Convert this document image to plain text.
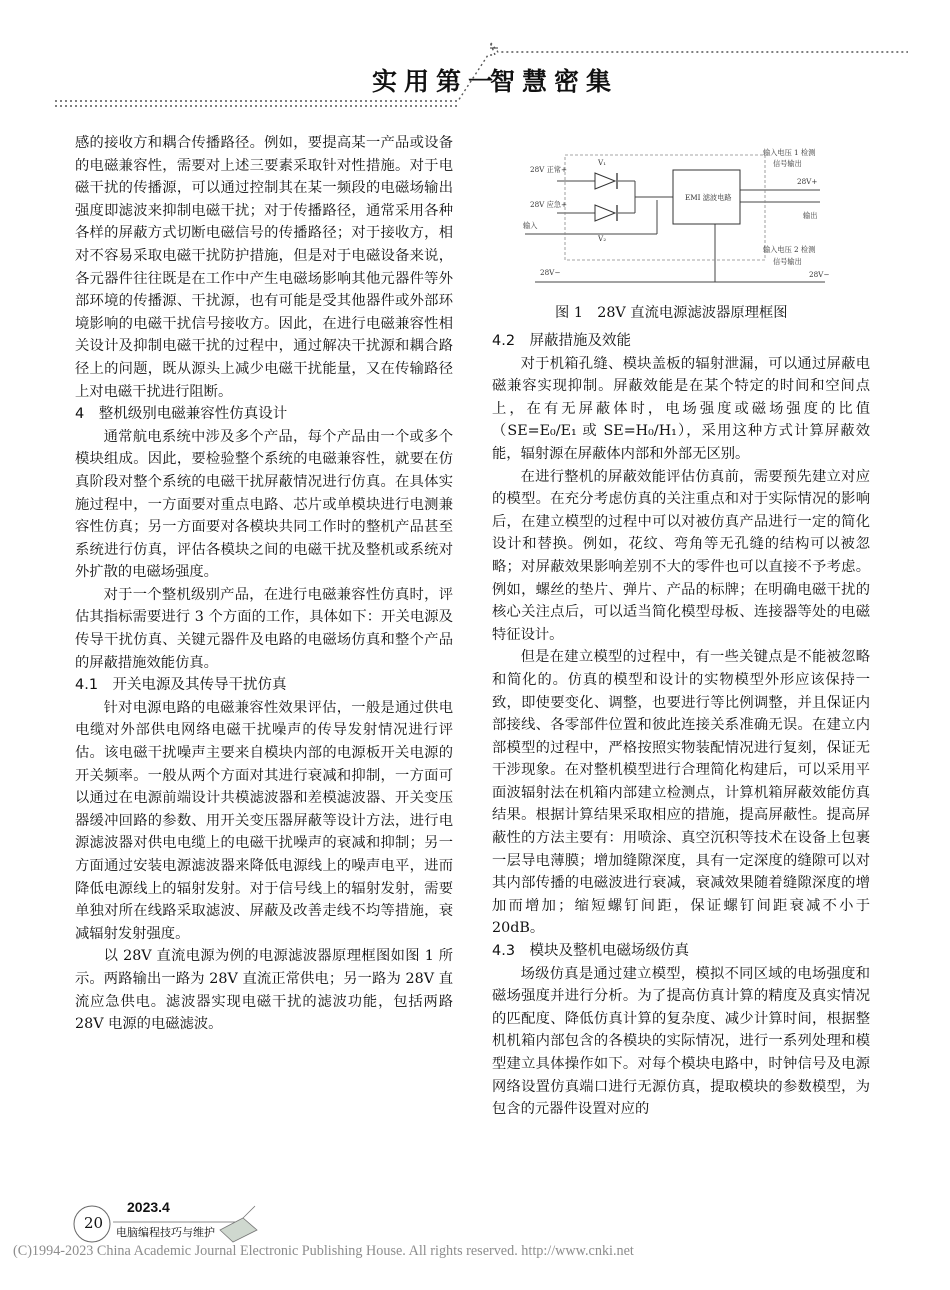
实用第一
智慧密集

感的接收方和耦合传播路径。例如，要提高某一产品或设备的电磁兼容性，需要对上述三要素采取针对性措施。对于电磁干扰的传播源，可以通过控制其在某一频段的电磁场输出强度即滤波来抑制电磁干扰；对于传播路径，通常采用各种各样的屏蔽方式切断电磁信号的传播路径；对于接收方，相对不容易采取电磁干扰防护措施，但是对于电磁设备来说，各元器件往往既是在工作中产生电磁场影响其他元器件等外部环境的传播源、干扰源，也有可能是受其他器件或外部环境影响的电磁干扰信号接收方。因此，在进行电磁兼容性相关设计及抑制电磁干扰的过程中，通过解决干扰源和耦合路径上的问题，既从源头上减少电磁干扰能量，又在传输路径上对电磁干扰进行阻断。

4　整机级别电磁兼容性仿真设计

通常航电系统中涉及多个产品，每个产品由一个或多个模块组成。因此，要检验整个系统的电磁兼容性，就要在仿真阶段对整个系统的电磁干扰屏蔽情况进行仿真。在具体实施过程中，一方面要对重点电路、芯片或单模块进行电测兼容性仿真；另一方面要对各模块共同工作时的整机产品甚至系统进行仿真，评估各模块之间的电磁干扰及整机或系统对外扩散的电磁场强度。

对于一个整机级别产品，在进行电磁兼容性仿真时，评估其指标需要进行 3 个方面的工作，具体如下：开关电源及传导干扰仿真、关键元器件及电路的电磁场仿真和整个产品的屏蔽措施效能仿真。

4.1　开关电源及其传导干扰仿真

针对电源电路的电磁兼容性效果评估，一般是通过供电电缆对外部供电网络电磁干扰噪声的传导发射情况进行评估。该电磁干扰噪声主要来自模块内部的电源板开关电源的开关频率。一般从两个方面对其进行衰减和抑制，一方面可以通过在电源前端设计共模滤波器和差模滤波器、开关变压器缓冲回路的参数、用开关变压器屏蔽等设计方法，进行电源滤波器对供电电缆上的电磁干扰噪声的衰减和抑制；另一方面通过安装电源滤波器来降低电源线上的噪声电平，进而降低电源线上的辐射发射。对于信号线上的辐射发射，需要单独对所在线路采取滤波、屏蔽及改善走线不均等措施，衰减辐射发射强度。

以 28V 直流电源为例的电源滤波器原理框图如图 1 所示。两路输出一路为 28V 直流正常供电；另一路为 28V 直流应急供电。滤波器实现电磁干扰的滤波功能，包括两路 28V 电源的电磁滤波。

28V 正常+
28V 应急+
输入
V₁
V₂
EMI 滤波电路
输入电压 1 检测
信号输出
28V+
输出
输入电压 2 检测
信号输出
28V−	28V−
图 1　28V 直流电源滤波器原理框图
4.2　屏蔽措施及效能

对于机箱孔缝、模块盖板的辐射泄漏，可以通过屏蔽电磁兼容实现抑制。屏蔽效能是在某个特定的时间和空间点上，在有无屏蔽体时，电场强度或磁场强度的比值（SE=E₀/E₁ 或 SE=H₀/H₁），采用这种方式计算屏蔽效能，辐射源在屏蔽体内部和外部无区别。

在进行整机的屏蔽效能评估仿真前，需要预先建立对应的模型。在充分考虑仿真的关注重点和对于实际情况的影响后，在建立模型的过程中可以对被仿真产品进行一定的简化设计和替换。例如，花纹、弯角等无孔缝的结构可以被忽略；对屏蔽效果影响差别不大的零件也可以直接不予考虑。例如，螺丝的垫片、弹片、产品的标牌；在明确电磁干扰的核心关注点后，可以适当简化模型母板、连接器等处的电磁特征设计。

但是在建立模型的过程中，有一些关键点是不能被忽略和简化的。仿真的模型和设计的实物模型外形应该保持一致，即使要变化、调整，也要进行等比例调整，并且保证内部接线、各零部件位置和彼此连接关系准确无误。在建立内部模型的过程中，严格按照实物装配情况进行复刻，保证无干涉现象。在对整机模型进行合理简化构建后，可以采用平面波辐射法在机箱内部建立检测点，计算机箱屏蔽效能仿真结果。根据计算结果采取相应的措施，提高屏蔽性。提高屏蔽性的方法主要有：用喷涂、真空沉积等技术在设备上包裹一层导电薄膜；增加缝隙深度，具有一定深度的缝隙可以对其内部传播的电磁波进行衰减，衰减效果随着缝隙深度的增加而增加；缩短螺钉间距，保证螺钉间距衰减不小于 20dB。

4.3　模块及整机电磁场级仿真

场级仿真是通过建立模型，模拟不同区域的电场强度和磁场强度并进行分析。为了提高仿真计算的精度及真实情况的匹配度、降低仿真计算的复杂度、减少计算时间，根据整机机箱内部包含的各模块的实际情况，进行一系列处理和模型建立具体操作如下。对每个模块电路中，时钟信号及电源网络设置仿真端口进行无源仿真，提取模块的参数模型，为包含的元器件设置对应的

20
2023.4
电脑编程技巧与维护
(C)1994-2023 China Academic Journal Electronic Publishing House. All rights reserved. http://www.cnki.net
